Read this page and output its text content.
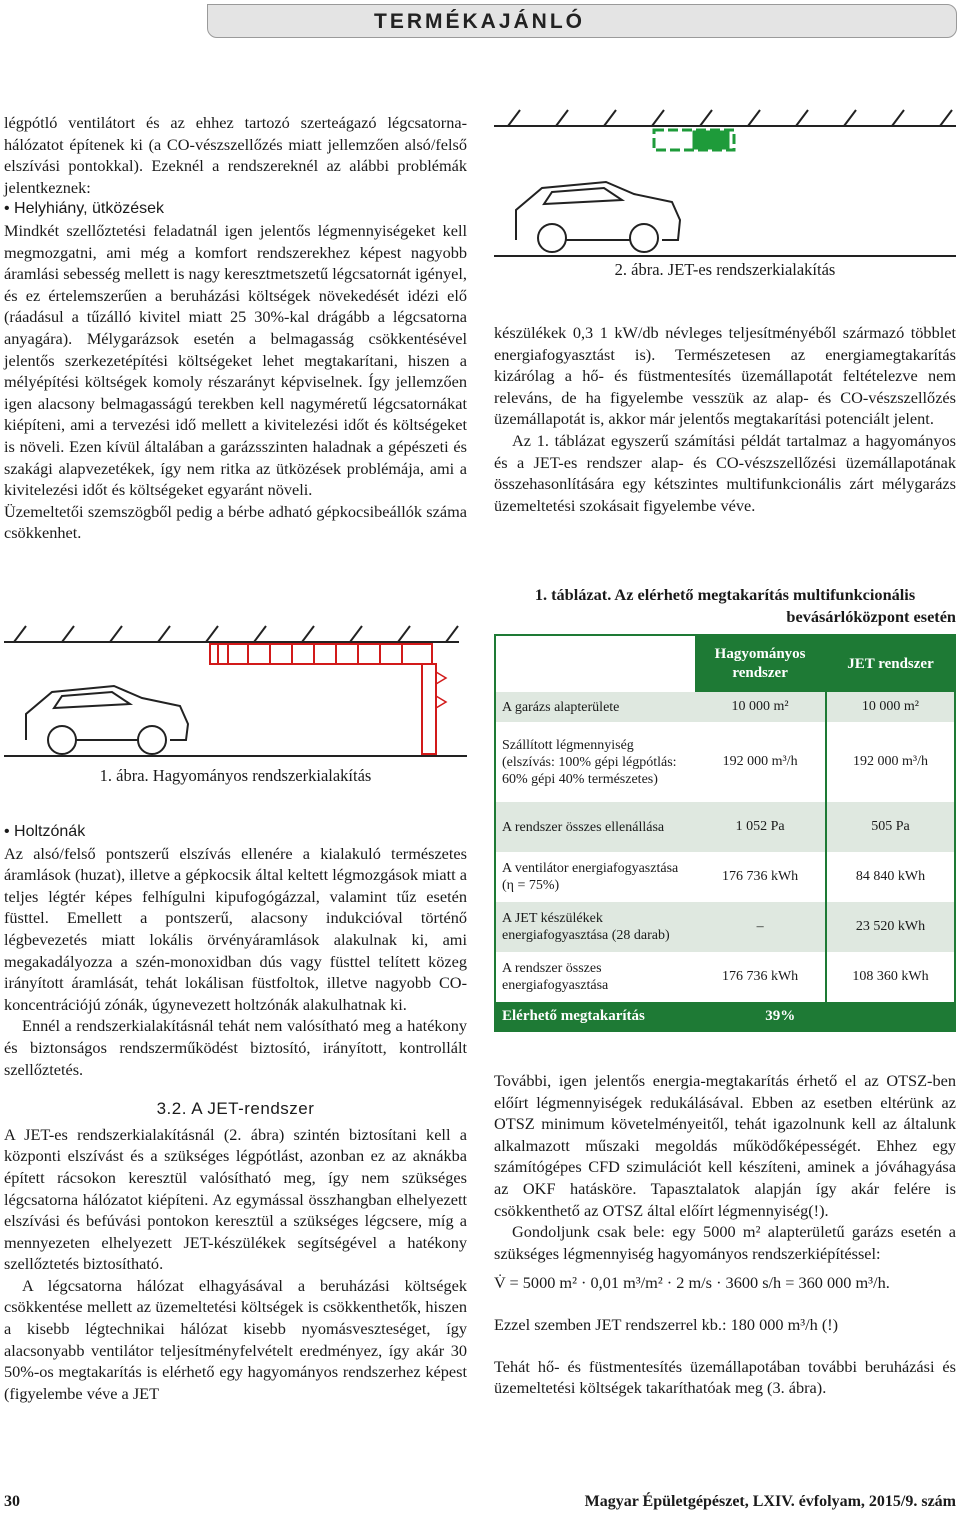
TERMÉKAJÁNLÓ

légpótló ventilátort és az ehhez tartozó szerteágazó légcsatorna-hálózatot építenek ki (a CO-vészszellőzés miatt jellemzően alsó/felső elszívási pontokkal). Ezeknél a rendszereknél az alábbi problémák jelentkeznek:

• Helyhiány, ütközések

Mindkét szellőztetési feladatnál igen jelentős légmennyiségeket kell megmozgatni, ami még a komfort rendszerekhez képest nagyobb áramlási sebesség mellett is nagy keresztmetszetű légcsatornát igényel, és ez értelemszerűen a beruházási költségek növekedését idézi elő (ráadásul a tűzálló kivitel miatt 25 30%-kal drágább a légcsatorna anyagára). Mélygarázsok esetén a belmagasság csökkentésével jelentős szerkezetépítési költségeket lehet megtakarítani, hiszen a mélyépítési költségek komoly részarányt képviselnek. Így jellemzően igen alacsony belmagasságú terekben kell nagyméretű légcsatornákat kiépíteni, ami a tervezési idő mellett a kivitelezési időt és költségeket is növeli. Ezen kívül általában a garázsszinten haladnak a gépészeti és szakági alapvezetékek, így nem ritka az ütközések problémája, ami a kivitelezési időt és költségeket egyaránt növeli.

Üzemeltetői szemszögből pedig a bérbe adható gépkocsibeállók száma csökkenhet.

1. ábra. Hagyományos rendszerkialakítás

• Holtzónák

Az alsó/felső pontszerű elszívás ellenére a kialakuló természetes áramlások (huzat), illetve a gépkocsik által keltett légmozgások miatt a teljes légtér képes felhígulni kipufogógázzal, valamint tűz esetén füsttel. Emellett a pontszerű, alacsony indukcióval történő légbevezetés miatt lokális örvényáramlások alakulnak ki, ami megakadályozza a szén-monoxidban dús vagy füsttel telített közeg irányított áramlását, tehát lokálisan füstfoltok, illetve nagyobb CO-koncentrációjú zónák, úgynevezett holtzónák alakulhatnak ki.

Ennél a rendszerkialakításnál tehát nem valósítható meg a hatékony és biztonságos rendszerműködést biztosító, irányított, kontrollált szellőztetés.

3.2. A JET-rendszer

A JET-es rendszerkialakításnál (2. ábra) szintén biztosítani kell a központi elszívást és a szükséges légpótlást, azonban ez az aknákba épített rácsokon keresztül valósítható meg, így nem szükséges légcsatorna hálózatot kiépíteni. Az egymással összhangban elhelyezett elszívási és befúvási pontokon keresztül a szükséges légcsere, míg a mennyezeten elhelyezett JET-készülékek segítségével a hatékony szellőztetés biztosítható.

A légcsatorna hálózat elhagyásával a beruházási költségek csökkentése mellett az üzemeltetési költségek is csökkenthetők, hiszen a kisebb légtechnikai hálózat kisebb nyomásveszteséget, így alacsonyabb ventilátor teljesítményfelvételt eredményez, így akár 30 50%-os megtakarítás is elérhető egy hagyományos rendszerhez képest (figyelembe véve a JET

2. ábra. JET-es rendszerkialakítás

készülékek 0,3 1 kW/db névleges teljesítményéből származó többlet energiafogyasztást is). Természetesen az energiamegtakarítás kizárólag a hő- és füstmentesítés üzemállapotát feltételezve nem releváns, de ha figyelembe vesszük az alap- és CO-vészszellőzés üzemállapotát is, akkor már jelentős megtakarítási potenciált jelent.

Az 1. táblázat egyszerű számítási példát tartalmaz a hagyományos és a JET-es rendszer alap- és CO-vészszellőzési üzemállapotának összehasonlítására egy kétszintes multifunkcionális zárt mélygarázs üzemeltetési szokásait figyelembe véve.

1. táblázat. Az elérhető megtakarítás multifunkcionális
bevásárlóközpont esetén
	Hagyományos rendszer	JET rendszer
A garázs alapterülete	10 000 m²	10 000 m²
Szállított légmennyiség (elszívás: 100% gépi légpótlás: 60% gépi 40% természetes)	192 000 m³/h	192 000 m³/h
A rendszer összes ellenállása	1 052 Pa	505 Pa
A ventilátor energiafogyasztása (η = 75%)	176 736 kWh	84 840 kWh
A JET készülékek energiafogyasztása (28 darab)	–	23 520 kWh
A rendszer összes energiafogyasztása	176 736 kWh	108 360 kWh
Elérhető megtakarítás	39%	

További, igen jelentős energia-megtakarítás érhető el az OTSZ-ben előírt légmennyiségek redukálásával. Ebben az esetben eltérünk az OTSZ minimum követelményeitől, tehát igazolnunk kell az általunk alkalmazott műszaki megoldás működőképességét. Ehhez egy számítógépes CFD szimulációt kell készíteni, aminek a jóváhagyása az OKF hatásköre. Tapasztalatok alapján így akár felére is csökkenthető az OTSZ által előírt légmennyiség(!).

Gondoljunk csak bele: egy 5000 m² alapterületű garázs esetén a szükséges légmennyiség hagyományos rendszerkiépítéssel:

V̇ = 5000 m² · 0,01 m³/m² · 2 m/s · 3600 s/h = 360 000 m³/h.

Ezzel szemben JET rendszerrel kb.: 180 000 m³/h (!)

Tehát hő- és füstmentesítés üzemállapotában további beruházási és üzemeltetési költségek takaríthatóak meg (3. ábra).

30	Magyar Épületgépészet, LXIV. évfolyam, 2015/9. szám
